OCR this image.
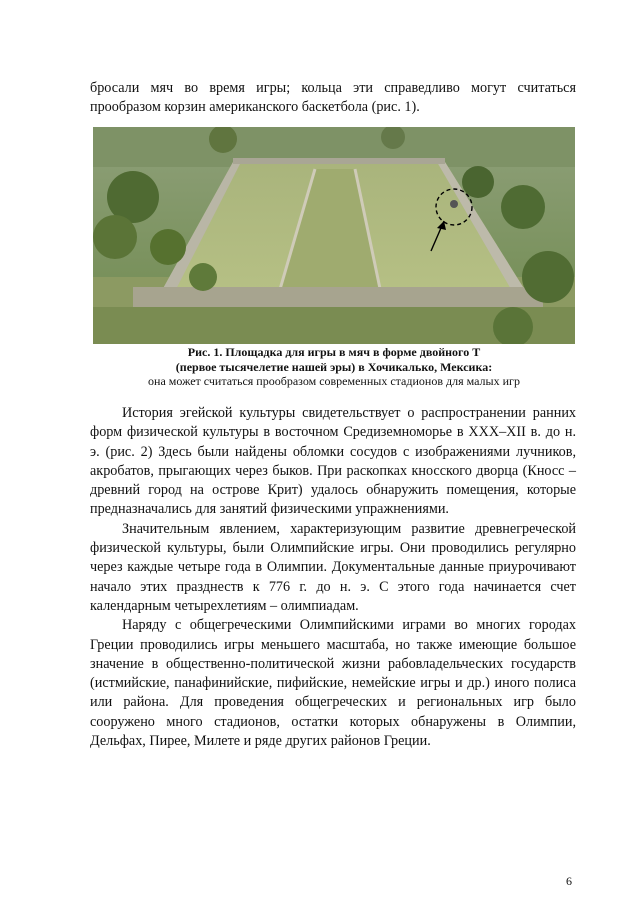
бросали мяч во время игры; кольца эти справедливо могут считаться прообразом корзин американского баскетбола (рис. 1).

Рис. 1. Площадка для игры в мяч в форме двойного Т
(первое тысячелетие нашей эры) в Хочикалько, Мексика:
она может считаться прообразом современных стадионов для малых игр

История эгейской культуры свидетельствует о распространении ранних форм физической культуры в восточном Средиземноморье в XXX–XII в. до н. э. (рис. 2) Здесь были найдены обломки сосудов с изображениями лучников, акробатов, прыгающих через быков. При раскопках кносского дворца (Кносс – древний город на острове Крит) удалось обнаружить помещения, которые предназначались для занятий физическими упражнениями.

Значительным явлением, характеризующим развитие древнегреческой физической культуры, были Олимпийские игры. Они проводились регулярно через каждые четыре года в Олимпии. Документальные данные приурочивают начало этих празднеств к 776 г. до н. э. С этого года начинается счет календарным четырехлетиям – олимпиадам.

Наряду с общегреческими Олимпийскими играми во многих городах Греции проводились игры меньшего масштаба, но также имеющие большое значение в общественно-политической жизни рабовладельческих государств (истмийские, панафинийские, пифийские, немейские игры и др.) иного полиса или района. Для проведения общегреческих и региональных игр было сооружено много стадионов, остатки которых обнаружены в Олимпии, Дельфах, Пирее, Милете и ряде других районов Греции.

6
